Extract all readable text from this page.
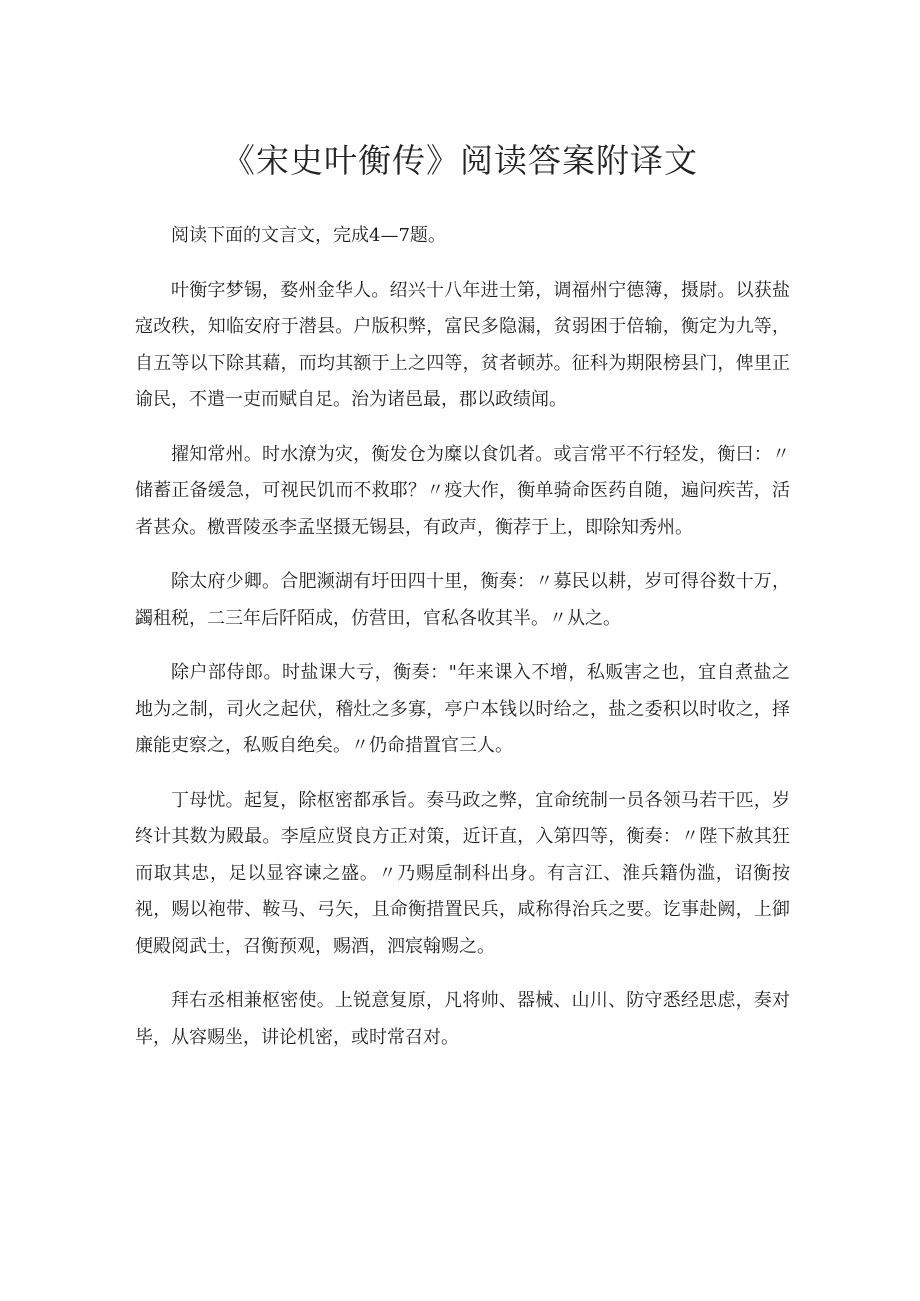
《宋史叶衡传》阅读答案附译文

阅读下面的文言文，完成4—7题。

叶衡字梦锡，婺州金华人。绍兴十八年进士第，调福州宁德簿，摄尉。以获盐寇改秩，知临安府于潜县。户版积弊，富民多隐漏，贫弱困于倍输，衡定为九等，自五等以下除其藉，而均其额于上之四等，贫者顿苏。征科为期限榜县门，俾里正谕民，不遣一吏而赋自足。治为诸邑最，郡以政绩闻。

擢知常州。时水潦为灾，衡发仓为糜以食饥者。或言常平不行轻发，衡曰：〃储蓄正备缓急，可视民饥而不救耶？〃疫大作，衡单骑命医药自随，遍问疾苦，活者甚众。檄晋陵丞李孟坚摄无锡县，有政声，衡荐于上，即除知秀州。

除太府少卿。合肥濒湖有圩田四十里，衡奏：〃募民以耕，岁可得谷数十万，蠲租税，二三年后阡陌成，仿营田，官私各收其半。〃从之。

除户部侍郎。时盐课大亏，衡奏："年来课入不增，私贩害之也，宜自煮盐之地为之制，司火之起伏，稽灶之多寡，亭户本钱以时给之，盐之委积以时收之，择廉能吏察之，私贩自绝矣。〃仍命措置官三人。

丁母忧。起复，除枢密都承旨。奏马政之弊，宜命统制一员各领马若干匹，岁终计其数为殿最。李垕应贤良方正对策，近讦直，入第四等，衡奏：〃陛下赦其狂而取其忠，足以显容谏之盛。〃乃赐垕制科出身。有言江、淮兵籍伪滥，诏衡按视，赐以袍带、鞍马、弓矢，且命衡措置民兵，咸称得治兵之要。讫事赴阙，上御便殿阅武士，召衡预观，赐酒，泗宸翰赐之。

拜右丞相兼枢密使。上锐意复原，凡将帅、器械、山川、防守悉经思虑，奏对毕，从容赐坐，讲论机密，或时常召对。
